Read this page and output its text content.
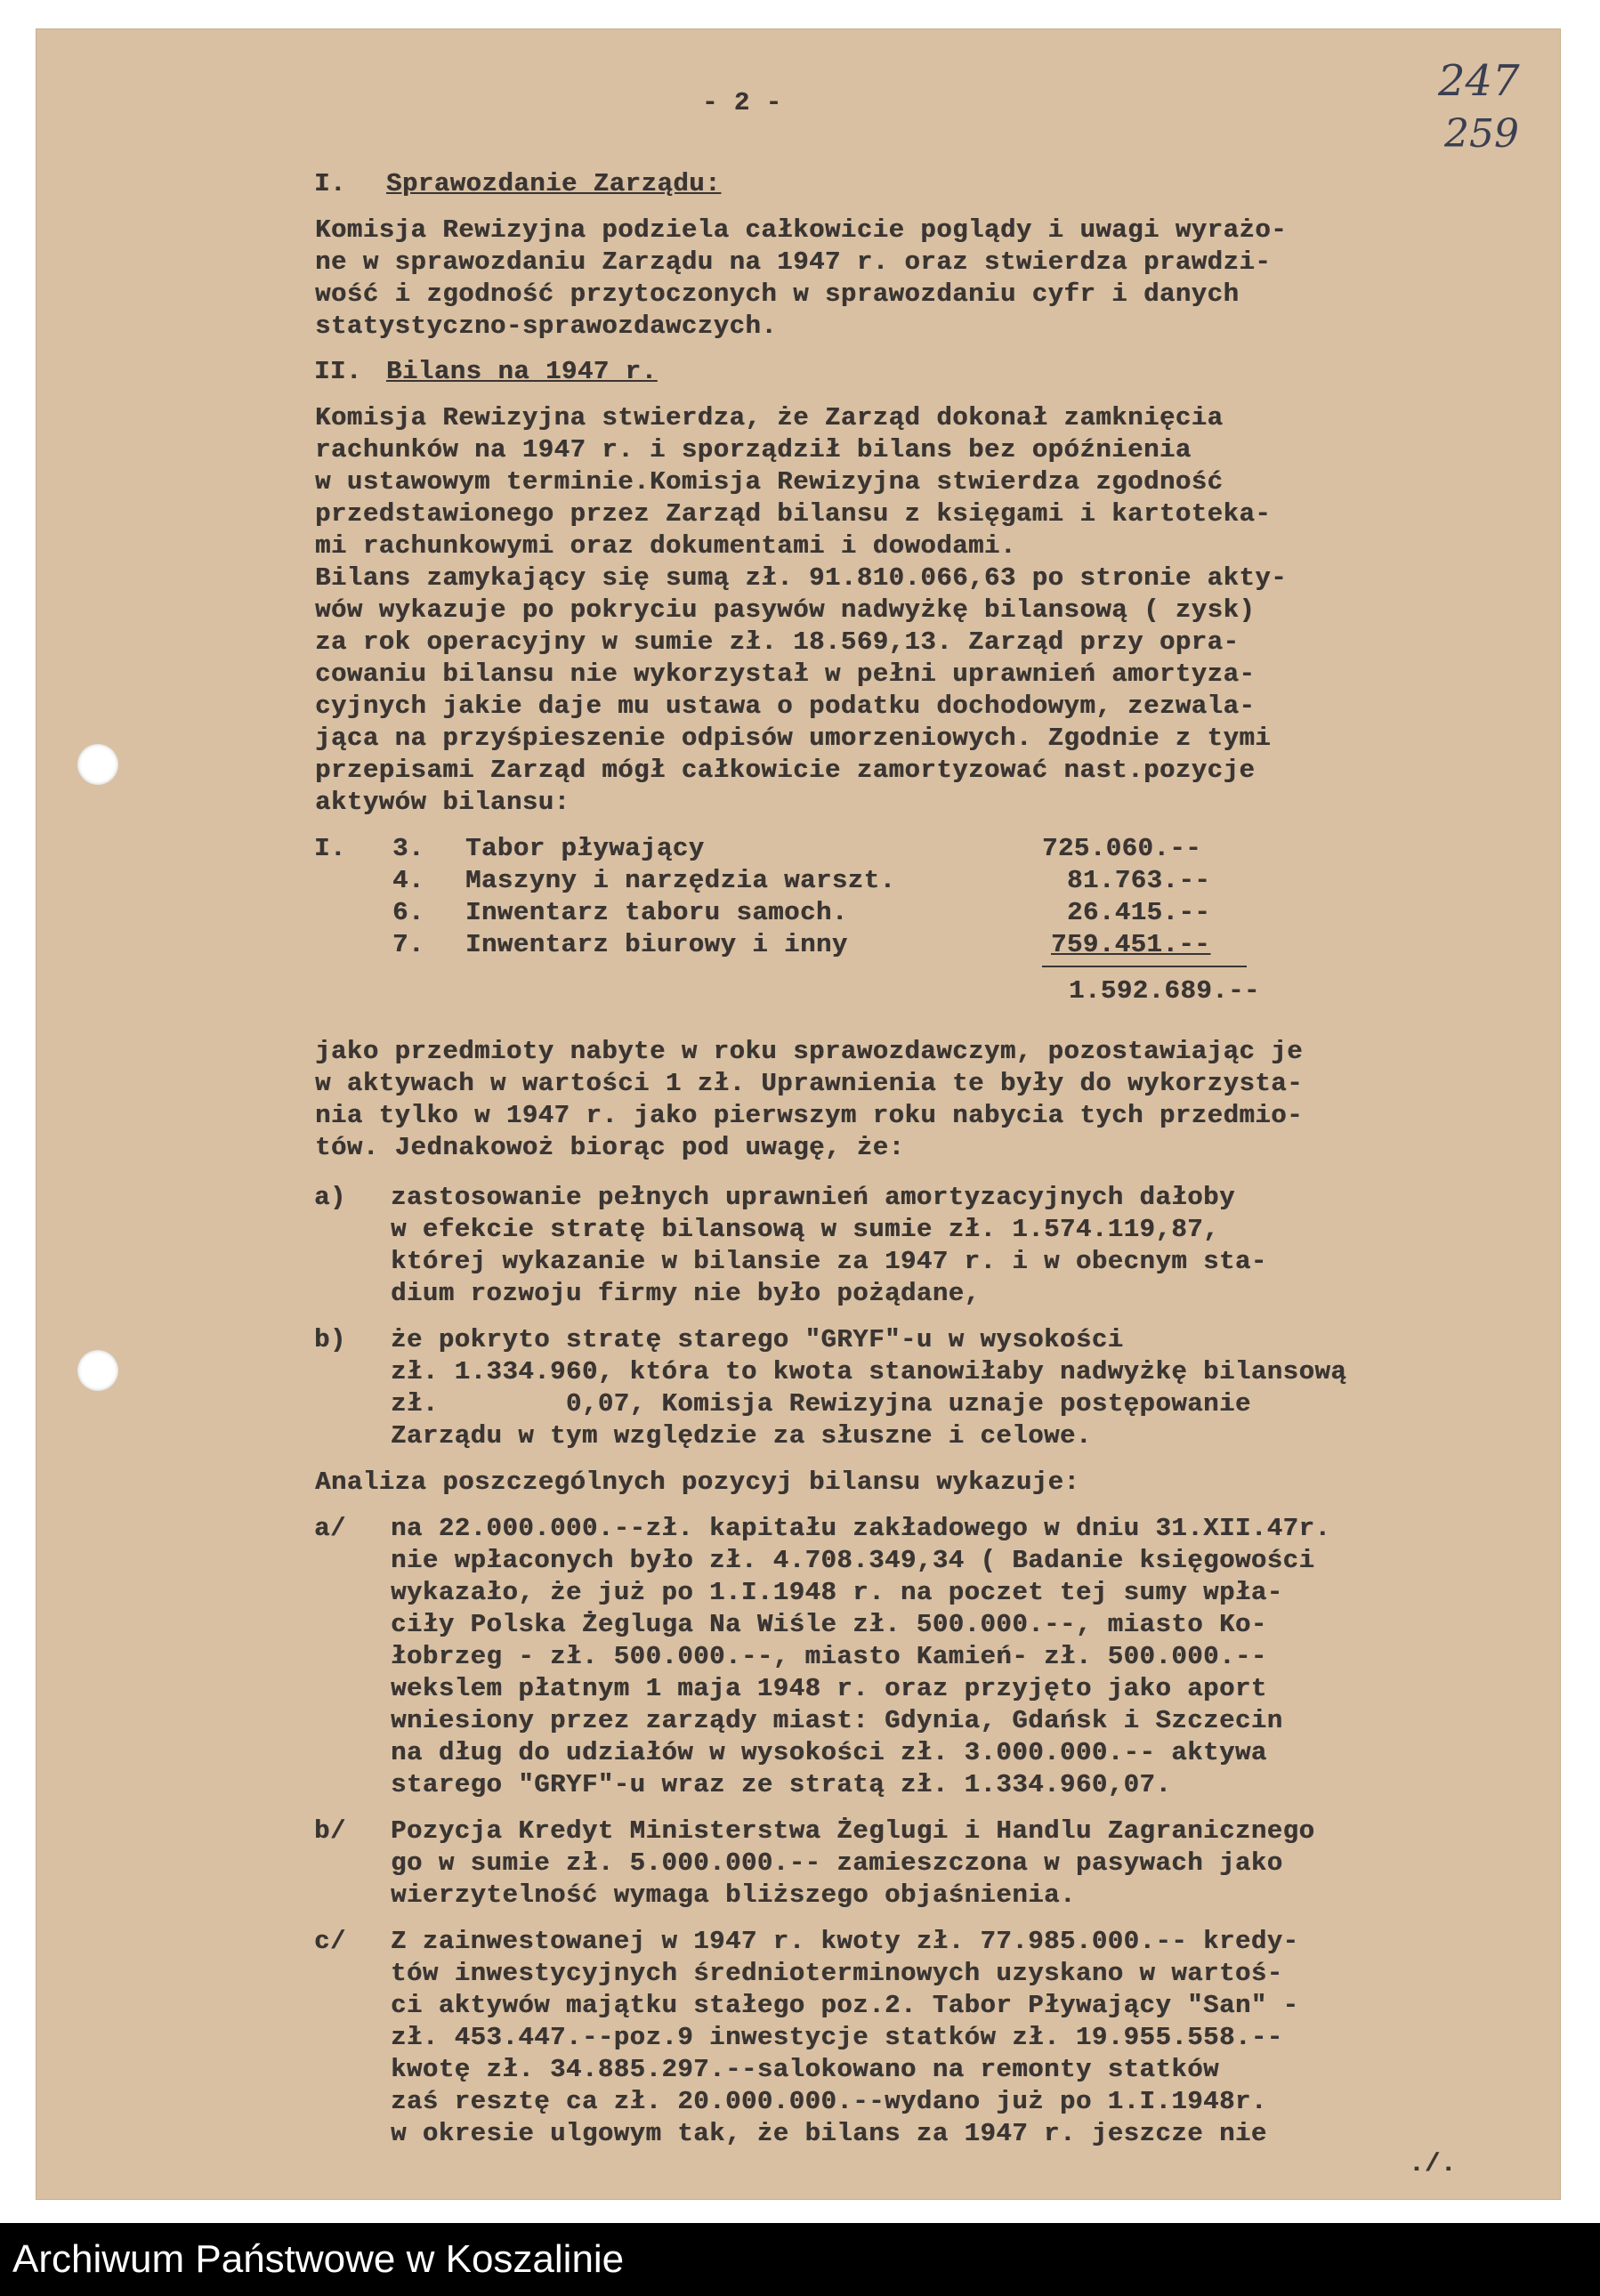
247
259
- 2 -
I. Sprawozdanie Zarządu:
Komisja Rewizyjna podziela całkowicie poglądy i uwagi wyrażo-
ne w sprawozdaniu Zarządu na 1947 r. oraz stwierdza prawdzi-
wość i zgodność przytoczonych w sprawozdaniu cyfr i danych
statystyczno-sprawozdawczych.
II. Bilans na 1947 r.
Komisja Rewizyjna stwierdza, że Zarząd dokonał zamknięcia
rachunków na 1947 r. i sporządził bilans bez opóźnienia
w ustawowym terminie.Komisja Rewizyjna stwierdza zgodność
przedstawionego przez Zarząd bilansu z księgami i kartoteka-
mi rachunkowymi oraz dokumentami i dowodami.
Bilans zamykający się sumą zł. 91.810.066,63 po stronie akty-
wów wykazuje po pokryciu pasywów nadwyżkę bilansową ( zysk)
za rok operacyjny w sumie zł. 18.569,13. Zarząd przy opra-
cowaniu bilansu nie wykorzystał w pełni uprawnień amortyza-
cyjnych jakie daje mu ustawa o podatku dochodowym, zezwala-
jąca na przyśpieszenie odpisów umorzeniowych. Zgodnie z tymi
przepisami Zarząd mógł całkowicie zamortyzować nast.pozycje
aktywów bilansu:
I. 3. Tabor pływający	725.060.--
4. Maszyny i narzędzia warszt.	81.763.--
6. Inwentarz taboru samoch.	26.415.--
7. Inwentarz biurowy i inny	759.451.--
1.592.689.--
jako przedmioty nabyte w roku sprawozdawczym, pozostawiając je
w aktywach w wartości 1 zł. Uprawnienia te były do wykorzysta-
nia tylko w 1947 r. jako pierwszym roku nabycia tych przedmio-
tów. Jednakowoż biorąc pod uwagę, że:
a) zastosowanie pełnych uprawnień amortyzacyjnych dałoby
w efekcie stratę bilansową w sumie zł. 1.574.119,87,
której wykazanie w bilansie za 1947 r. i w obecnym sta-
dium rozwoju firmy nie było pożądane,
b) że pokryto stratę starego "GRYF"-u w wysokości
zł. 1.334.960, która to kwota stanowiłaby nadwyżkę bilansową
zł.        0,07, Komisja Rewizyjna uznaje postępowanie
Zarządu w tym względzie za słuszne i celowe.
Analiza poszczególnych pozycyj bilansu wykazuje:
a/ na 22.000.000.--zł. kapitału zakładowego w dniu 31.XII.47r.
nie wpłaconych było zł. 4.708.349,34 ( Badanie księgowości
wykazało, że już po 1.I.1948 r. na poczet tej sumy wpła-
ciły Polska Żegluga Na Wiśle zł. 500.000.--, miasto Ko-
łobrzeg - zł. 500.000.--, miasto Kamień- zł. 500.000.--
wekslem płatnym 1 maja 1948 r. oraz przyjęto jako aport
wniesiony przez zarządy miast: Gdynia, Gdańsk i Szczecin
na dług do udziałów w wysokości zł. 3.000.000.-- aktywa
starego "GRYF"-u wraz ze stratą zł. 1.334.960,07.
b/ Pozycja Kredyt Ministerstwa Żeglugi i Handlu Zagranicznego
go w sumie zł. 5.000.000.-- zamieszczona w pasywach jako
wierzytelność wymaga bliższego objaśnienia.
c/ Z zainwestowanej w 1947 r. kwoty zł. 77.985.000.-- kredy-
tów inwestycyjnych średnioterminowych uzyskano w wartoś-
ci aktywów majątku stałego poz.2. Tabor Pływający "San" -
zł. 453.447.--poz.9 inwestycje statków zł. 19.955.558.--
kwotę zł. 34.885.297.--salokowano na remonty statków
zaś resztę ca zł. 20.000.000.--wydano już po 1.I.1948r.
w okresie ulgowym tak, że bilans za 1947 r. jeszcze nie
./.
Archiwum Państwowe w Koszalinie
